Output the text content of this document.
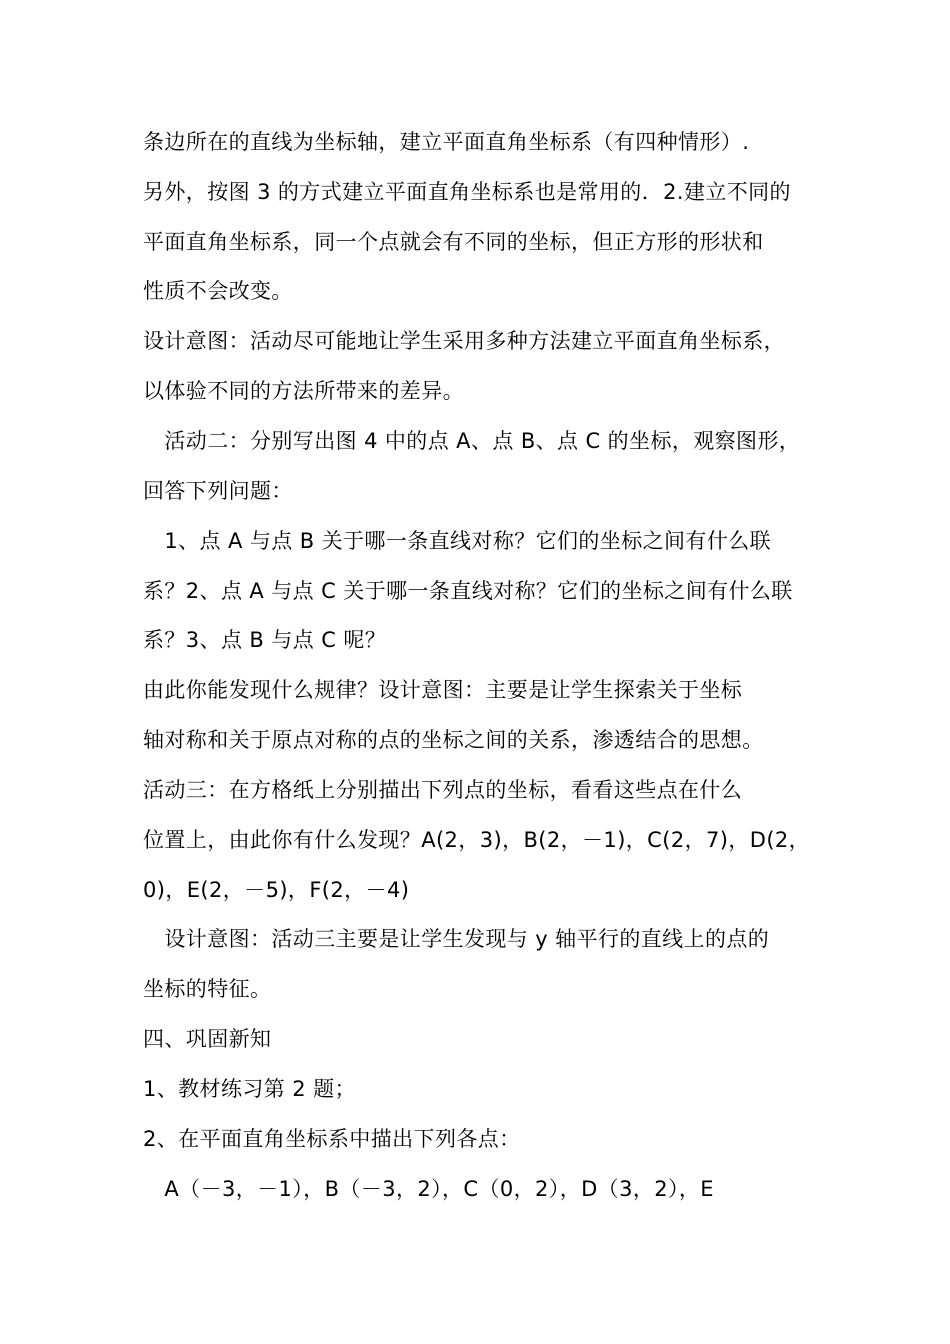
条边所在的直线为坐标轴，建立平面直角坐标系（有四种情形）.
另外，按图 3 的方式建立平面直角坐标系也是常用的．2.建立不同的
平面直角坐标系，同一个点就会有不同的坐标，但正方形的形状和
性质不会改变。
设计意图：活动尽可能地让学生采用多种方法建立平面直角坐标系，
以体验不同的方法所带来的差异。
　活动二：分别写出图 4 中的点 A、点 B、点 C 的坐标，观察图形，
回答下列问题：
　1、点 A 与点 B 关于哪一条直线对称？它们的坐标之间有什么联
系？2、点 A 与点 C 关于哪一条直线对称？它们的坐标之间有什么联
系？3、点 B 与点 C 呢？
由此你能发现什么规律？设计意图：主要是让学生探索关于坐标
轴对称和关于原点对称的点的坐标之间的关系，渗透结合的思想。
活动三：在方格纸上分别描出下列点的坐标，看看这些点在什么
位置上，由此你有什么发现？A(2，3)，B(2，－1)，C(2，7)，D(2，
0)，E(2，－5)，F(2，－4)
　设计意图：活动三主要是让学生发现与 y 轴平行的直线上的点的
坐标的特征。
四、巩固新知
1、教材练习第 2 题；
2、在平面直角坐标系中描出下列各点：
　A（－3，－1），B（－3，2），C（0，2），D（3，2），E
